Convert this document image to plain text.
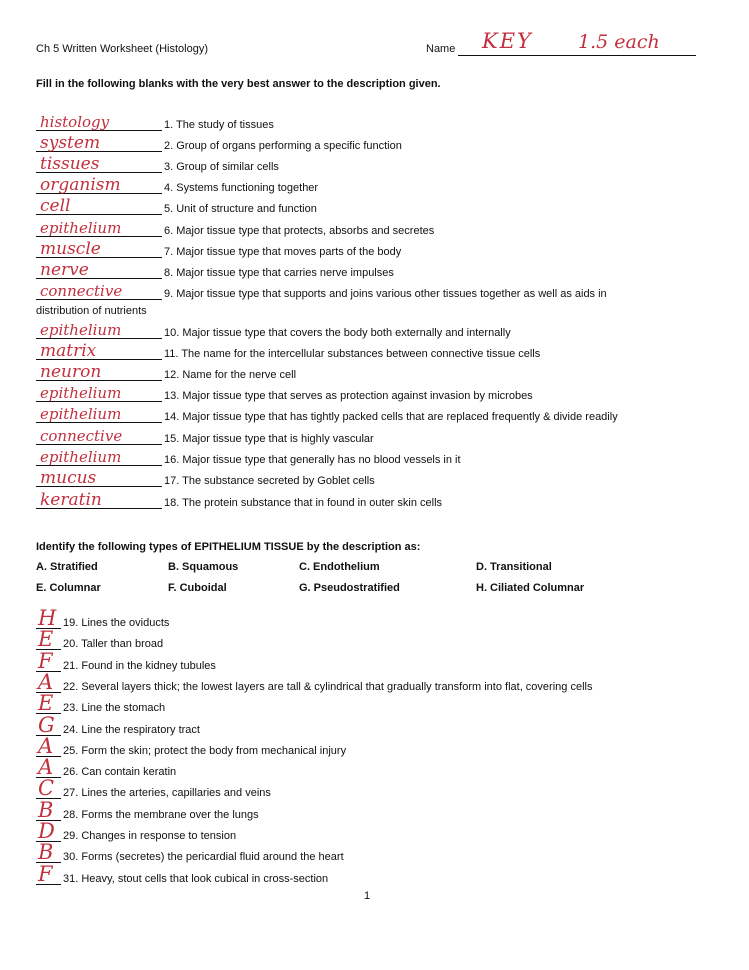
Ch 5 Written Worksheet (Histology)	Name KEY 1.5 each
Fill in the following blanks with the very best answer to the description given.
histology	1. The study of tissues
system	2. Group of organs performing a specific function
tissues	3. Group of similar cells
organism	4. Systems functioning together
cell	5. Unit of structure and function
epithelium	6. Major tissue type that protects, absorbs and secretes
muscle	7. Major tissue type that moves parts of the body
nerve	8. Major tissue type that carries nerve impulses
connective	9. Major tissue type that supports and joins various other tissues together as well as aids in
distribution of nutrients
epithelium	10. Major tissue type that covers the body both externally and internally
matrix	11. The name for the intercellular substances between connective tissue cells
neuron	12. Name for the nerve cell
epithelium	13. Major tissue type that serves as protection against invasion by microbes
epithelium	14. Major tissue type that has tightly packed cells that are replaced frequently & divide readily
connective	15. Major tissue type that is highly vascular
epithelium	16. Major tissue type that generally has no blood vessels in it
mucus	17. The substance secreted by Goblet cells
keratin	18. The protein substance that in found in outer skin cells
Identify the following types of EPITHELIUM TISSUE by the description as:
A. Stratified	B. Squamous	C. Endothelium	D. Transitional
E. Columnar	F. Cuboidal	G. Pseudostratified	H. Ciliated Columnar
H 19. Lines the oviducts
E 20. Taller than broad
F 21. Found in the kidney tubules
A 22. Several layers thick; the lowest layers are tall & cylindrical that gradually transform into flat, covering cells
E 23. Line the stomach
G 24. Line the respiratory tract
A 25. Form the skin; protect the body from mechanical injury
A 26. Can contain keratin
C 27. Lines the arteries, capillaries and veins
B 28. Forms the membrane over the lungs
D 29. Changes in response to tension
B 30. Forms (secretes) the pericardial fluid around the heart
F 31. Heavy, stout cells that look cubical in cross-section
1
